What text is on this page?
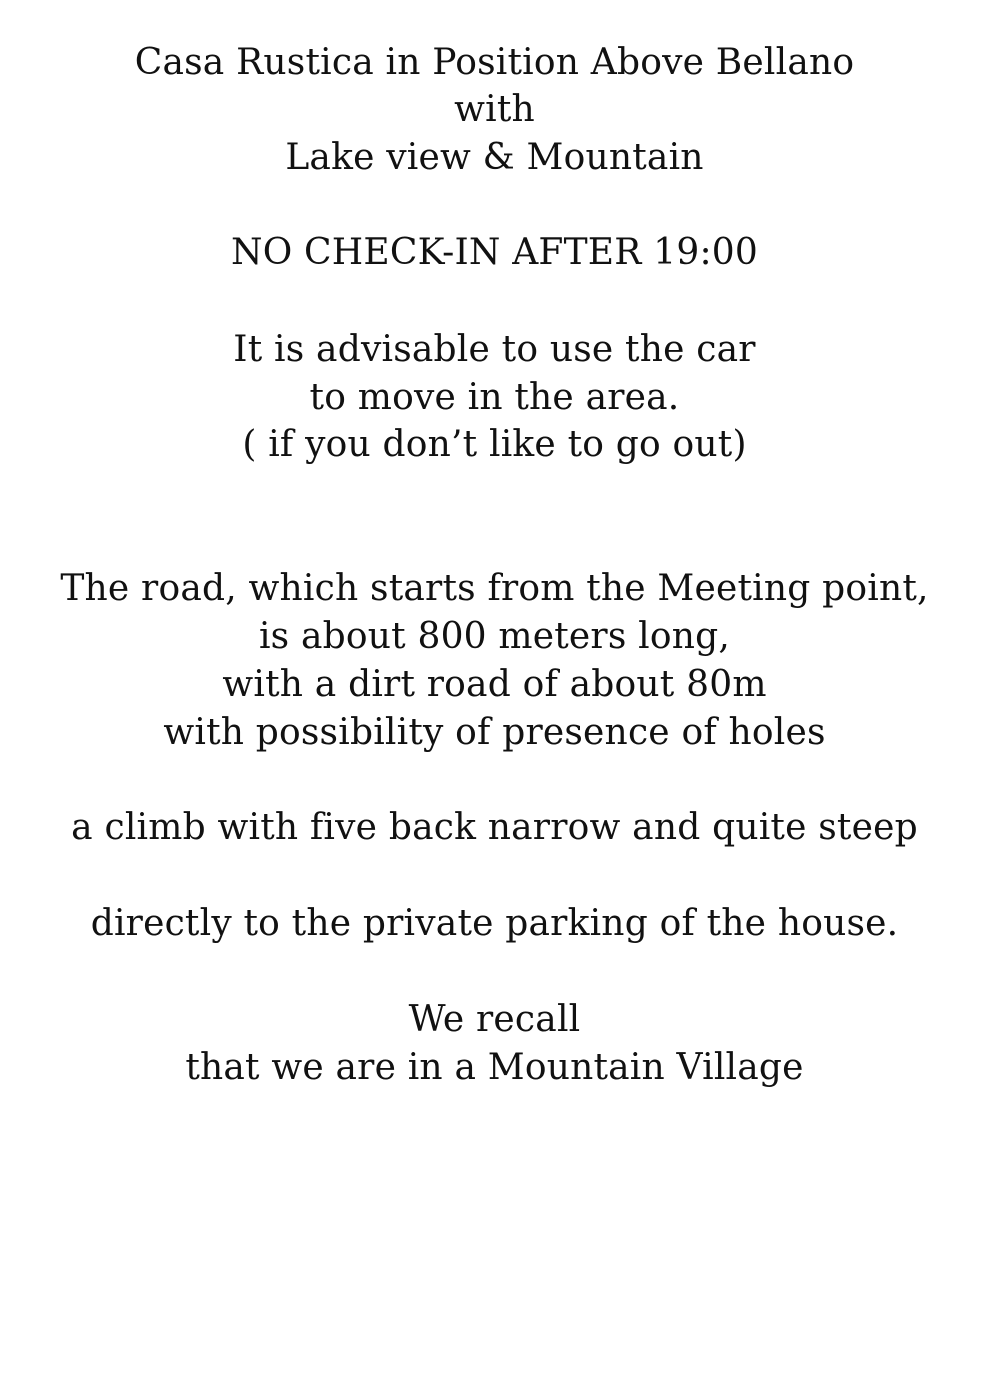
Casa Rustica in Position Above Bellano
with
Lake view & Mountain
NO CHECK-IN AFTER 19:00
It is advisable to use the car
to move in the area.
( if you don’t like to go out)
The road, which starts from the Meeting point,
is about 800 meters long,
with a dirt road of about 80m
with possibility of presence of holes
a climb with five back narrow and quite steep
directly to the private parking of the house.
We recall
that we are in a Mountain Village
